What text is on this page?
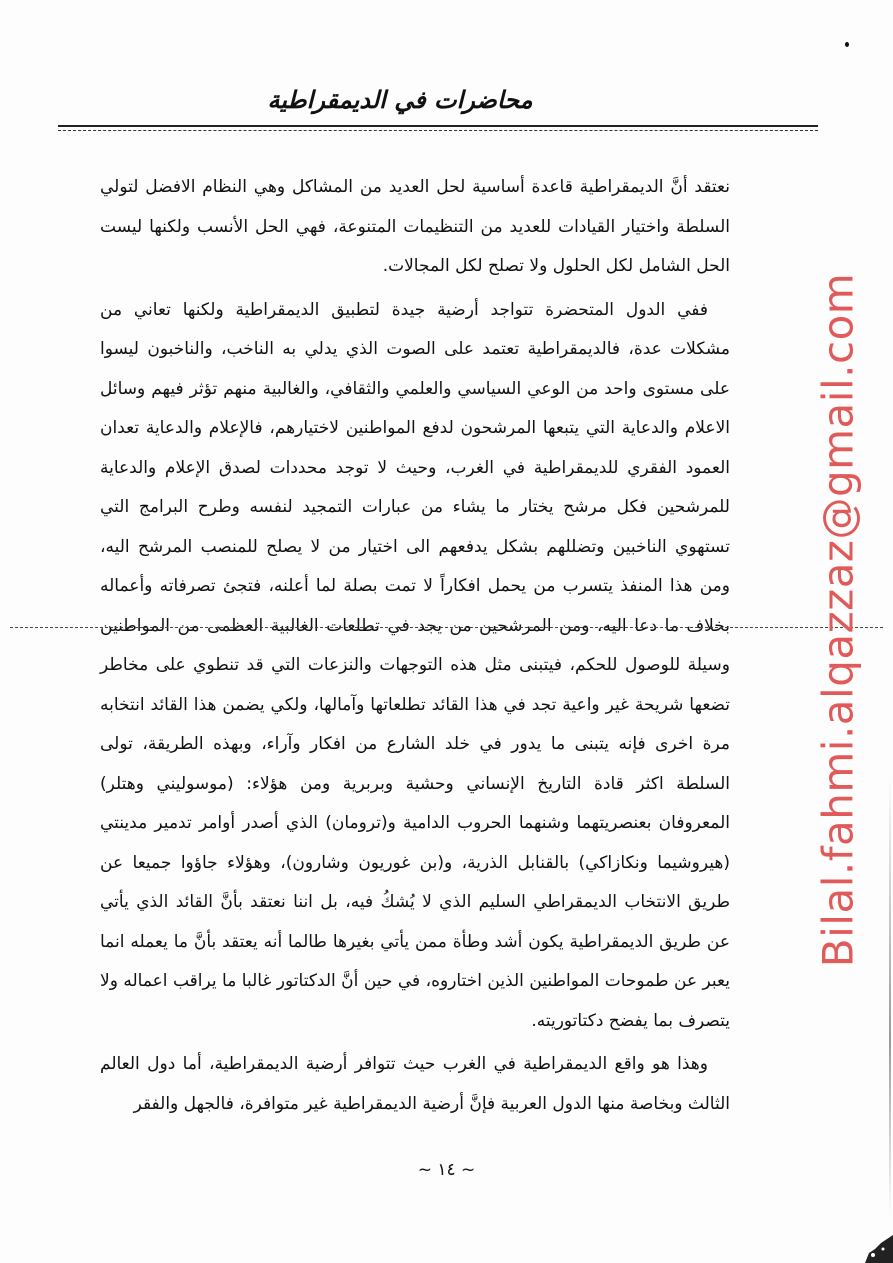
محاضرات في الديمقراطية

نعتقد أنَّ الديمقراطية قاعدة أساسية لحل العديد من المشاكل وهي النظام الافضل لتولي السلطة واختيار القيادات للعديد من التنظيمات المتنوعة، فهي الحل الأنسب ولكنها ليست الحل الشامل لكل الحلول ولا تصلح لكل المجالات.

ففي الدول المتحضرة تتواجد أرضية جيدة لتطبيق الديمقراطية ولكنها تعاني من مشكلات عدة، فالديمقراطية تعتمد على الصوت الذي يدلي به الناخب، والناخبون ليسوا على مستوى واحد من الوعي السياسي والعلمي والثقافي، والغالبية منهم تؤثر فيهم وسائل الاعلام والدعاية التي يتبعها المرشحون لدفع المواطنين لاختيارهم، فالإعلام والدعاية تعدان العمود الفقري للديمقراطية في الغرب، وحيث لا توجد محددات لصدق الإعلام والدعاية للمرشحين فكل مرشح يختار ما يشاء من عبارات التمجيد لنفسه وطرح البرامج التي تستهوي الناخبين وتضللهم بشكل يدفعهم الى اختيار من لا يصلح للمنصب المرشح اليه، ومن هذا المنفذ يتسرب من يحمل افكاراً لا تمت بصلة لما أعلنه، فتجئ تصرفاته وأعماله بخلاف ما دعا اليه، ومن المرشحين من يجد في تطلعات الغالبية العظمى من المواطنين وسيلة للوصول للحكم، فيتبنى مثل هذه التوجهات والنزعات التي قد تنطوي على مخاطر تضعها شريحة غير واعية تجد في هذا القائد تطلعاتها وآمالها، ولكي يضمن هذا القائد انتخابه مرة اخرى فإنه يتبنى ما يدور في خلد الشارع من افكار وآراء، وبهذه الطريقة، تولى السلطة اكثر قادة التاريخ الإنساني وحشية وبربرية ومن هؤلاء: (موسوليني وهتلر) المعروفان بعنصريتهما وشنهما الحروب الدامية و(ترومان) الذي أصدر أوامر تدمير مدينتي (هيروشيما ونكازاكي) بالقنابل الذرية، و(بن غوريون وشارون)، وهؤلاء جاؤوا جميعا عن طريق الانتخاب الديمقراطي السليم الذي لا يُشكُ فيه، بل اننا نعتقد بأنَّ القائد الذي يأتي عن طريق الديمقراطية يكون أشد وطأة ممن يأتي بغيرها طالما أنه يعتقد بأنَّ ما يعمله انما يعبر عن طموحات المواطنين الذين اختاروه، في حين أنَّ الدكتاتور غالبا ما يراقب اعماله ولا يتصرف بما يفضح دكتاتوريته.

وهذا هو واقع الديمقراطية في الغرب حيث تتوافر أرضية الديمقراطية، أما دول العالم الثالث وبخاصة منها الدول العربية فإنَّ أرضية الديمقراطية غير متوافرة، فالجهل والفقر

~ ١٤ ~
Bilal.fahmi.alqazzaz@gmail.com
